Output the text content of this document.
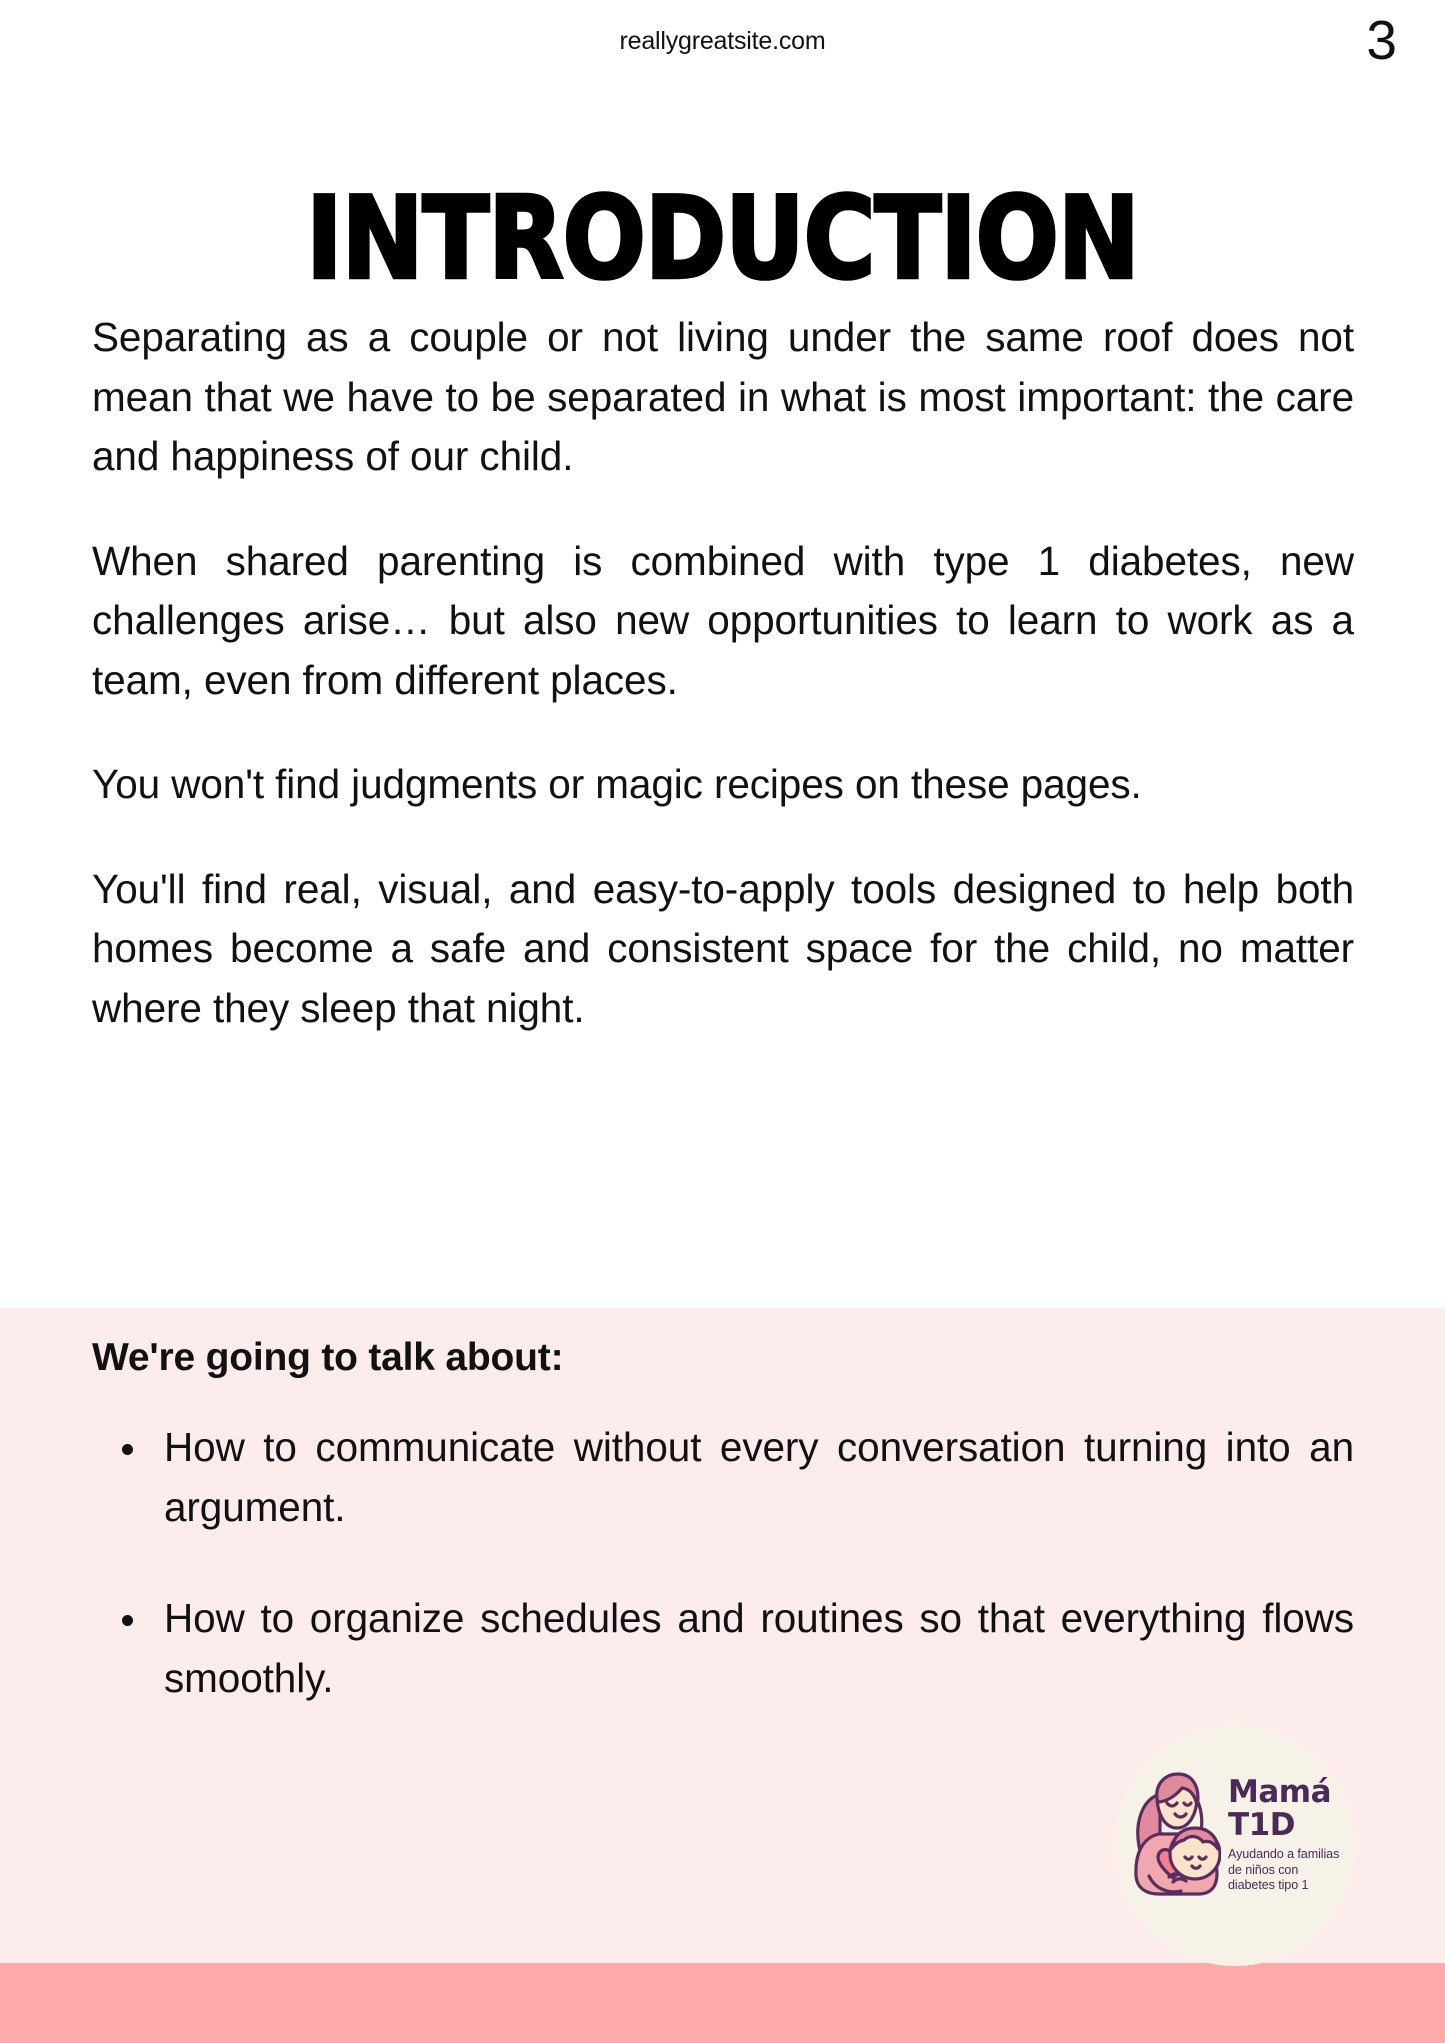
INTRODUCTION

Separating as a couple or not living under the same roof does not mean that we have to be separated in what is most important: the care and happiness of our child.

When shared parenting is combined with type 1 diabetes, new challenges arise… but also new opportunities to learn to work as a team, even from different places.

You won't find judgments or magic recipes on these pages.

You'll find real, visual, and easy-to-apply tools designed to help both homes become a safe and consistent space for the child, no matter where they sleep that night.

We're going to talk about:
How to communicate without every conversation turning into an argument.
How to organize schedules and routines so that everything flows smoothly.
reallygreatsite.com	3
Mamá
T1D
Ayudando a familias
de niños con
diabetes tipo 1
